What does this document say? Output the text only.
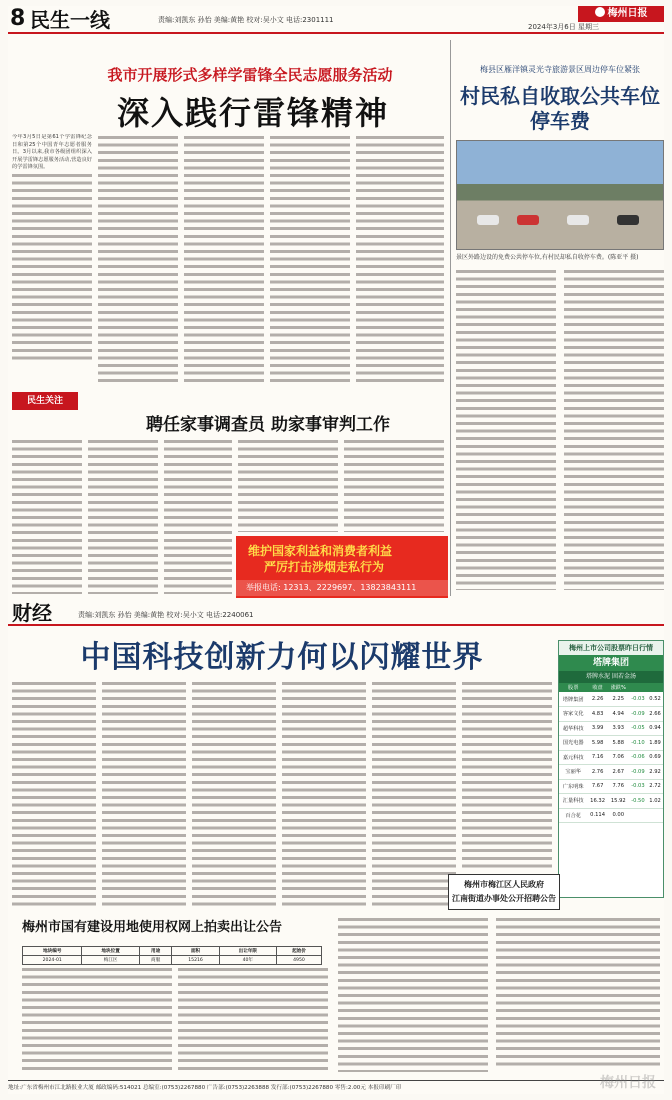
8 民生一线	责编:刘凯东 孙怡 美编:黄艳 校对:吴小文 电话:2301111
2024年3月6日 星期三
梅州日报
我市开展形式多样学雷锋全民志愿服务活动
深入践行雷锋精神
今年3月5日是第61个学雷锋纪念日和第25个中国青年志愿者服务日。3月以来,我市各级团组织深入开展学雷锋志愿服务活动,营造良好的学雷锋氛围。
梅县区雁洋镇灵光寺旅游景区周边停车位紧张
村民私自收取公共车位停车费
景区外路边设的免费公共停车位,有村民却私自收停车费。(陈亚平 摄)
民生关注
聘任家事调查员 助家事审判工作
维护国家利益和消费者利益
严厉打击涉烟走私行为
举报电话: 12313、2229697、13823843111
财经	责编:刘凯东 孙怡 美编:黄艳 校对:吴小文 电话:2240061
中国科技创新力何以闪耀世界	梅州上市公司股票昨日行情
塔牌集团
塔牌水泥 固若金汤
股票	收盘	涨跌%		
塔牌集团	2.26	2.25	-0.03	0.52
客家文化	4.83	4.94	-0.09	2.66
超华科技	3.99	3.93	-0.05	0.94
国光电器	5.98	5.88	-0.10	1.89
嘉元科技	7.16	7.06	-0.06	0.69
宝丽华	2.76	2.67	-0.09	2.92
广东明珠	7.67	7.76	-0.03	2.72
汇量科技	16.32	15.92	-0.50	1.02
百合花	0.114	0.00		
梅州市梅江区人民政府
江南街道办事处公开招聘公告
梅州市国有建设用地使用权网上拍卖出让公告
地块编号	地块位置	用途	面积	出让年限	起始价
2024-01	梅江区	商服	15216	40年	4950
地址:广东省梅州市江北路报业大厦 邮政编码:514021 总编室:(0753)2267880 广告部:(0753)2263888 发行部:(0753)2267880 零售:2.00元 本报印刷厂印	梅州日报
